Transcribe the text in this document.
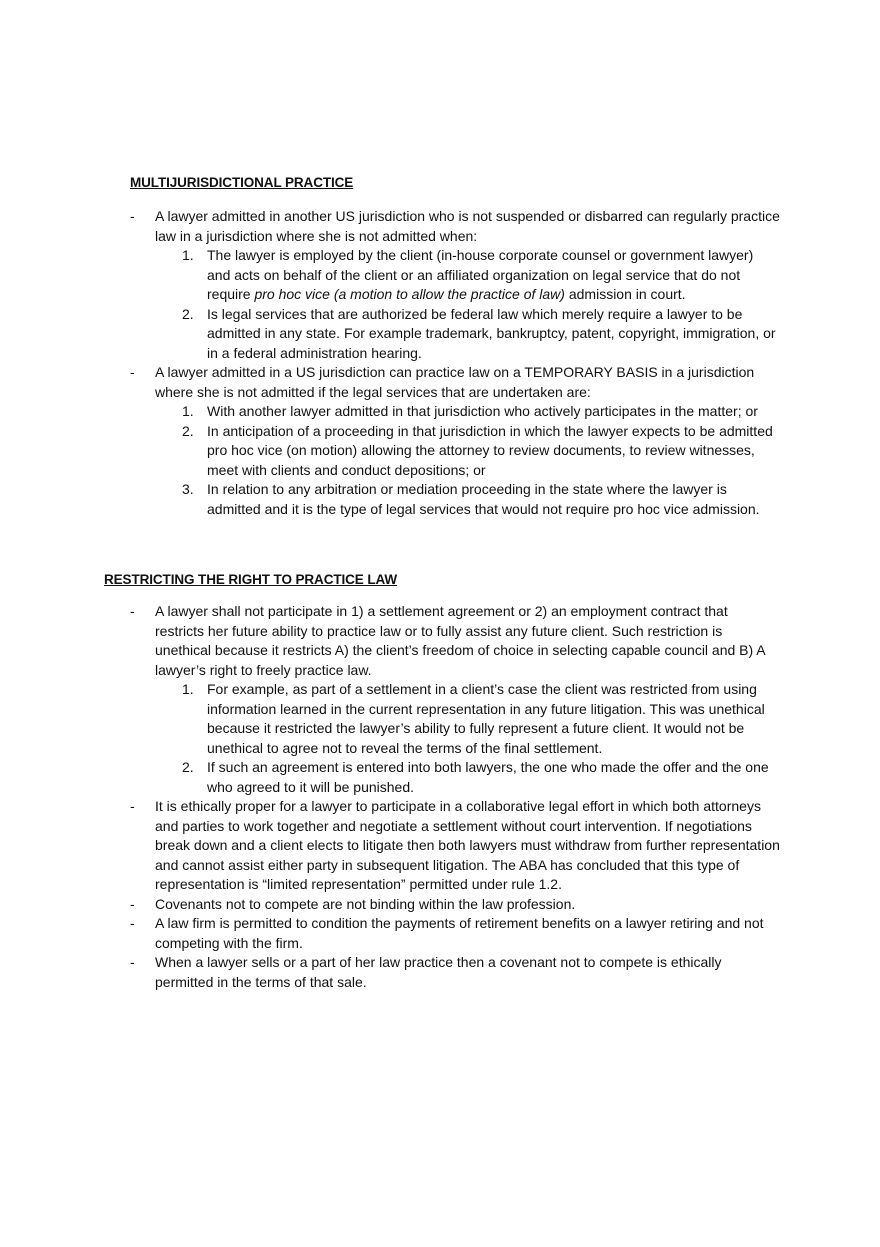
MULTIJURISDICTIONAL PRACTICE
- A lawyer admitted in another US jurisdiction who is not suspended or disbarred can regularly practice law in a jurisdiction where she is not admitted when:
1. The lawyer is employed by the client (in-house corporate counsel or government lawyer) and acts on behalf of the client or an afﬁliated organization on legal service that do not require pro hoc vice (a motion to allow the practice of law) admission in court.
2. Is legal services that are authorized be federal law which merely require a lawyer to be admitted in any state. For example trademark, bankruptcy, patent, copyright, immigration, or in a federal administration hearing.
- A lawyer admitted in a US jurisdiction can practice law on a TEMPORARY BASIS in a jurisdiction where she is not admitted if the legal services that are undertaken are:
1. With another lawyer admitted in that jurisdiction who actively participates in the matter; or
2. In anticipation of a proceeding in that jurisdiction in which the lawyer expects to be admitted pro hoc vice (on motion) allowing the attorney to review documents, to review witnesses, meet with clients and conduct depositions; or
3. In relation to any arbitration or mediation proceeding in the state where the lawyer is admitted and it is the type of legal services that would not require pro hoc vice admission.
RESTRICTING THE RIGHT TO PRACTICE LAW
- A lawyer shall not participate in 1) a settlement agreement or 2) an employment contract that restricts her future ability to practice law or to fully assist any future client. Such restriction is unethical because it restricts A) the client’s freedom of choice in selecting capable council and B) A lawyer’s right to freely practice law.
1. For example, as part of a settlement in a client’s case the client was restricted from using information learned in the current representation in any future litigation. This was unethical because it restricted the lawyer’s ability to fully represent a future client. It would not be unethical to agree not to reveal the terms of the final settlement.
2. If such an agreement is entered into both lawyers, the one who made the offer and the one who agreed to it will be punished.
- It is ethically proper for a lawyer to participate in a collaborative legal effort in which both attorneys and parties to work together and negotiate a settlement without court intervention. If negotiations break down and a client elects to litigate then both lawyers must withdraw from further representation and cannot assist either party in subsequent litigation. The ABA has concluded that this type of representation is “limited representation” permitted under rule 1.2.
- Covenants not to compete are not binding within the law profession.
- A law firm is permitted to condition the payments of retirement benefits on a lawyer retiring and not competing with the firm.
- When a lawyer sells or a part of her law practice then a covenant not to compete is ethically permitted in the terms of that sale.
